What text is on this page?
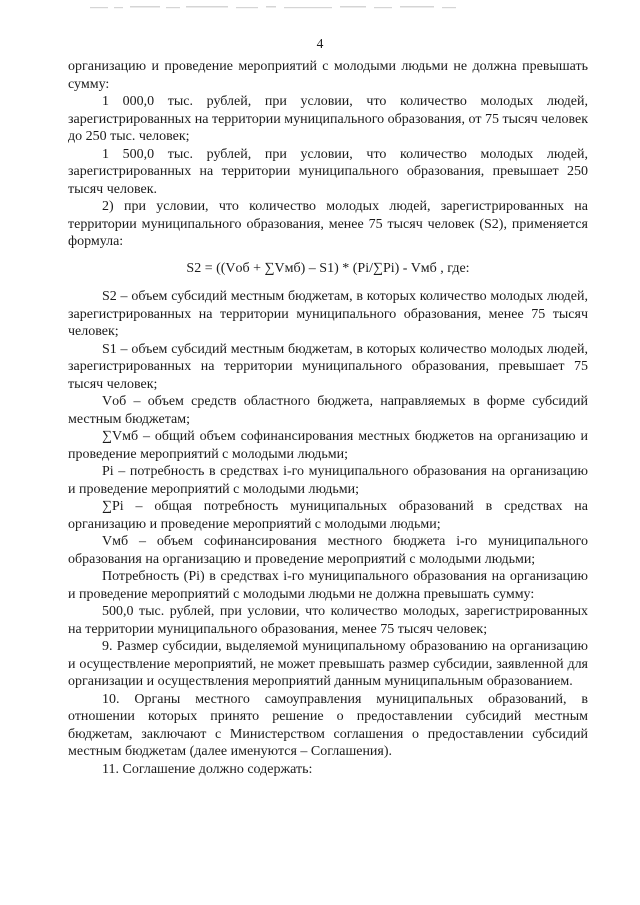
4

организацию и проведение мероприятий с молодыми людьми не должна превышать сумму:

1 000,0 тыс. рублей, при условии, что количество молодых людей, зарегистрированных на территории муниципального образования, от 75 тысяч человек до 250 тыс. человек;

1 500,0 тыс. рублей, при условии, что количество молодых людей, зарегистрированных на территории муниципального образования, превышает 250 тысяч человек.

2) при условии, что количество молодых людей, зарегистрированных на территории муниципального образования, менее 75 тысяч человек (S2), применяется формула:

S2 = ((Vоб + ∑Vмб) – S1) * (Pi/∑Pi) - Vмб , где:

S2 – объем субсидий местным бюджетам, в которых количество молодых людей, зарегистрированных на территории муниципального образования, менее 75 тысяч человек;

S1 – объем субсидий местным бюджетам, в которых количество молодых людей, зарегистрированных на территории муниципального образования, превышает 75 тысяч человек;

Vоб – объем средств областного бюджета, направляемых в форме субсидий местным бюджетам;

∑Vмб – общий объем софинансирования местных бюджетов на организацию и проведение мероприятий с молодыми людьми;

Pi – потребность в средствах i-го муниципального образования на организацию и проведение мероприятий с молодыми людьми;

∑Pi – общая потребность муниципальных образований в средствах на организацию и проведение мероприятий с молодыми людьми;

Vмб – объем софинансирования местного бюджета i-го муниципального образования на организацию и проведение мероприятий с молодыми людьми;

Потребность (Pi) в средствах i-го муниципального образования на организацию и проведение мероприятий с молодыми людьми не должна превышать сумму:

500,0 тыс. рублей, при условии, что количество молодых, зарегистрированных на территории муниципального образования, менее 75 тысяч человек;

9. Размер субсидии, выделяемой муниципальному образованию на организацию и осуществление мероприятий, не может превышать размер субсидии, заявленной для организации и осуществления мероприятий данным муниципальным образованием.

10. Органы местного самоуправления муниципальных образований, в отношении которых принято решение о предоставлении субсидий местным бюджетам, заключают с Министерством соглашения о предоставлении субсидий местным бюджетам (далее именуются – Соглашения).

11. Соглашение должно содержать:
